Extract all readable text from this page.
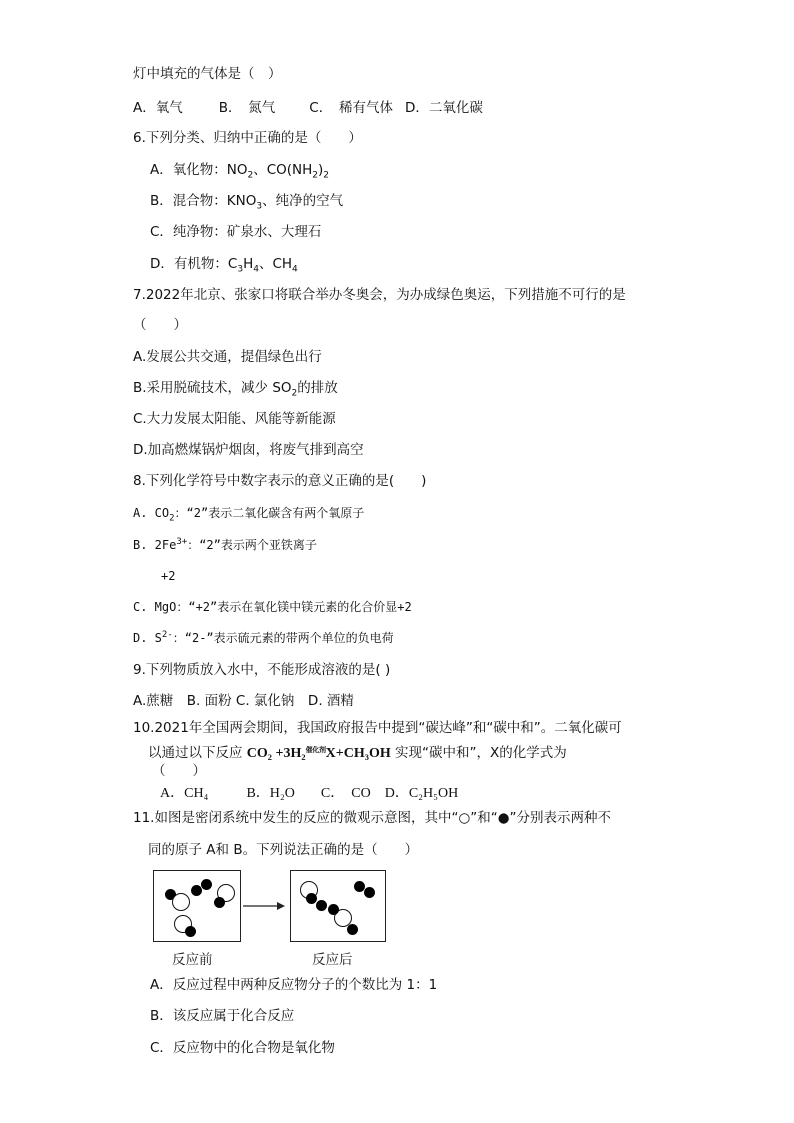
灯中填充的气体是（　）
A．氧气	B．　氮气	C．　稀有气体 D．二氧化碳
6.下列分类、归纳中正确的是（　　）
A．氧化物：$NO_2$、$CO(NH_2)_2$
B．混合物：$KNO_3$、纯净的空气
C．纯净物：矿泉水、大理石
D．有机物：$C_3H_4$、$CH_4$
7.2022年北京、张家口将联合举办冬奥会，为办成绿色奥运，下列措施不可行的是
（　　）
A.发展公共交通，提倡绿色出行
B.采用脱硫技术，减少 $SO_2$的排放
C.大力发展太阳能、风能等新能源
D.加高燃煤锅炉烟囱，将废气排到高空
8.下列化学符号中数字表示的意义正确的是(　　)
A. $CO_2$：“2”表示二氧化碳含有两个氧原子
B. $2Fe^{3+}$：“2”表示两个亚铁离子
+2
C. MgO：“+2”表示在氧化镁中镁元素的化合价显+2
D. $S^{2-}$：“2-”表示硫元素的带两个单位的负电荷
9.下列物质放入水中，不能形成溶液的是( )
A.蔗糖　B. 面粉 C. 氯化钠　D. 酒精
10.2021年全国两会期间，我国政府报告中提到“碳达峰”和“碳中和”。二氧化碳可
以通过以下反应 CO₂ +3H₂$^{催化剂}$X+CH₃OH 实现“碳中和”，X的化学式为
（　　）
A．CH₄	B．H₂O C．　CO D．C₂H₅OH
11.如图是密闭系统中发生的反应的微观示意图，其中“○”和“●”分别表示两种不
同的原子 A和 B。下列说法正确的是（　　）
反应前	反应后
A．反应过程中两种反应物分子的个数比为 1：1
B．该反应属于化合反应
C．反应物中的化合物是氧化物
